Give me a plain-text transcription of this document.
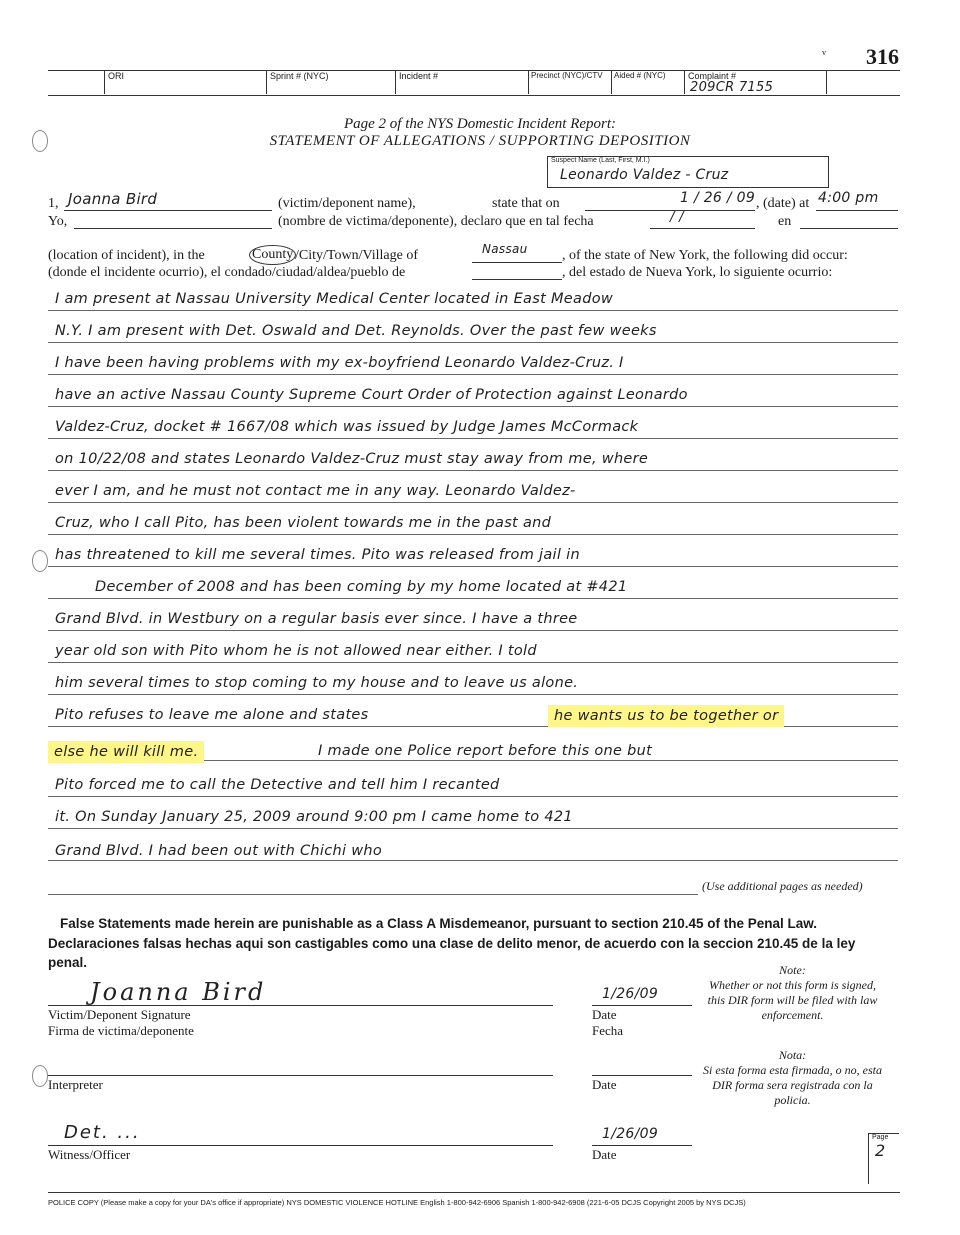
316
ᵛ
ORI	Sprint # (NYC)	Incident #	Precinct (NYC)/CTV Aided # (NYC) Complaint #
209CR 7155
Page 2 of the NYS Domestic Incident Report:
STATEMENT OF ALLEGATIONS / SUPPORTING DEPOSITION
Suspect Name (Last, First, M.I.)
Leonardo Valdez - Cruz
1, Joanna Bird	(victim/deponent name),	state that on	1 / 26 / 09 , (date) at 4:00 pm
Yo,	(nombre de victima/deponente), declaro que en tal fecha	/ /	en
(location of incident), in the	County /City/Town/Village of	Nassau , of the state of New York, the following did occur:
(donde el incidente ocurrio), el condado/ciudad/aldea/pueblo de	, del estado de Nueva York, lo siguiente ocurrio:
I am present at Nassau University Medical Center located in East Meadow
N.Y. I am present with Det. Oswald and Det. Reynolds. Over the past few weeks
I have been having problems with my ex-boyfriend Leonardo Valdez-Cruz. I
have an active Nassau County Supreme Court Order of Protection against Leonardo
Valdez-Cruz, docket # 1667/08 which was issued by Judge James McCormack
on 10/22/08 and states Leonardo Valdez-Cruz must stay away from me, where
ever I am, and he must not contact me in any way. Leonardo Valdez-
Cruz, who I call Pito, has been violent towards me in the past and
has threatened to kill me several times. Pito was released from jail in
December of 2008 and has been coming by my home located at #421
Grand Blvd. in Westbury on a regular basis ever since. I have a three
year old son with Pito whom he is not allowed near either. I told
him several times to stop coming to my house and to leave us alone.
Pito refuses to leave me alone and states	he wants us to be together or
else he will kill me.	I made one Police report before this one but
Pito forced me to call the Detective and tell him I recanted
it. On Sunday January 25, 2009 around 9:00 pm I came home to 421
Grand Blvd. I had been out with Chichi who
(Use additional pages as needed)
False Statements made herein are punishable as a Class A Misdemeanor, pursuant to section 210.45 of the Penal Law.
Declaraciones falsas hechas aqui son castigables como una clase de delito menor, de acuerdo con la seccion 210.45 de la ley penal.
Joanna Bird
Victim/Deponent Signature
Firma de victima/deponente
1/26/09
Date
Fecha
Interpreter	Date
Det. ...	1/26/09
Witness/Officer	Date
Note:
Whether or not this form is signed, this DIR form will be filed with law enforcement.
Nota:
Si esta forma esta firmada, o no, esta DIR forma sera registrada con la policia.
Page
2
POLICE COPY (Please make a copy for your DA's office if appropriate) NYS DOMESTIC VIOLENCE HOTLINE English 1-800-942-6906 Spanish 1-800-942-6908 (221-6-05 DCJS Copyright 2005 by NYS DCJS)
